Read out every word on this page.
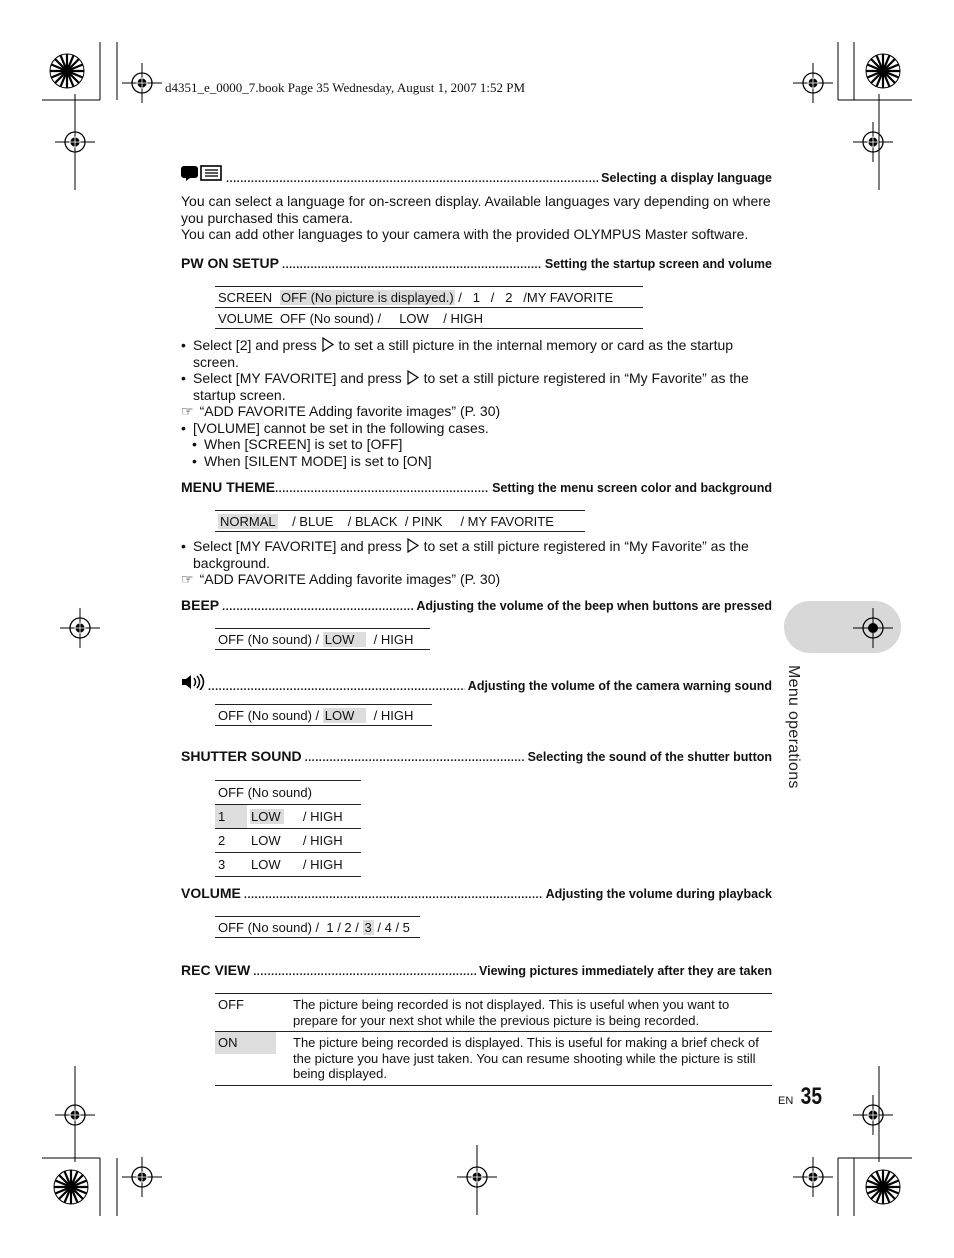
d4351_e_0000_7.book Page 35 Wednesday, August 1, 2007 1:52 PM
Menu operations
.....
Selecting a display language

You can select a language for on-screen display. Available languages vary depending on where you purchased this camera.

You can add other languages to your camera with the provided OLYMPUS Master software.

PW ON SETUP .....	Setting the startup screen and volume
SCREEN	OFF (No picture is displayed.) /   1   /   2   /MY FAVORITE
VOLUME	OFF (No sound) /     LOW    / HIGH
• Select [2] and press to set a still picture in the internal memory or card as the startup screen.
• Select [MY FAVORITE] and press to set a still picture registered in “My Favorite” as the startup screen.
☞ “ADD FAVORITE Adding favorite images” (P. 30)
• [VOLUME] cannot be set in the following cases.
• When [SCREEN] is set to [OFF]
• When [SILENT MODE] is set to [ON]
MENU THEME .....	Setting the menu screen color and background
NORMAL / BLUE / BLACK / PINK / MY FAVORITE
• Select [MY FAVORITE] and press to set a still picture registered in “My Favorite” as the background.
☞ “ADD FAVORITE Adding favorite images” (P. 30)
BEEP .....	Adjusting the volume of the beep when buttons are pressed
OFF (No sound) / LOW / HIGH
.....
Adjusting the volume of the camera warning sound
OFF (No sound) / LOW / HIGH
SHUTTER SOUND .....	Selecting the sound of the shutter button
OFF (No sound)		
1	LOW	/ HIGH
2	LOW	/ HIGH
3	LOW	/ HIGH
VOLUME .....	Adjusting the volume during playback
OFF (No sound) /  1 / 2 / 3 / 4 / 5
REC VIEW .....	Viewing pictures immediately after they are taken
OFF	The picture being recorded is not displayed. This is useful when you want to prepare for your next shot while the previous picture is being recorded.

ON	The picture being recorded is displayed. This is useful for making a brief check of the picture you have just taken. You can resume shooting while the picture is still being displayed.
EN 35
